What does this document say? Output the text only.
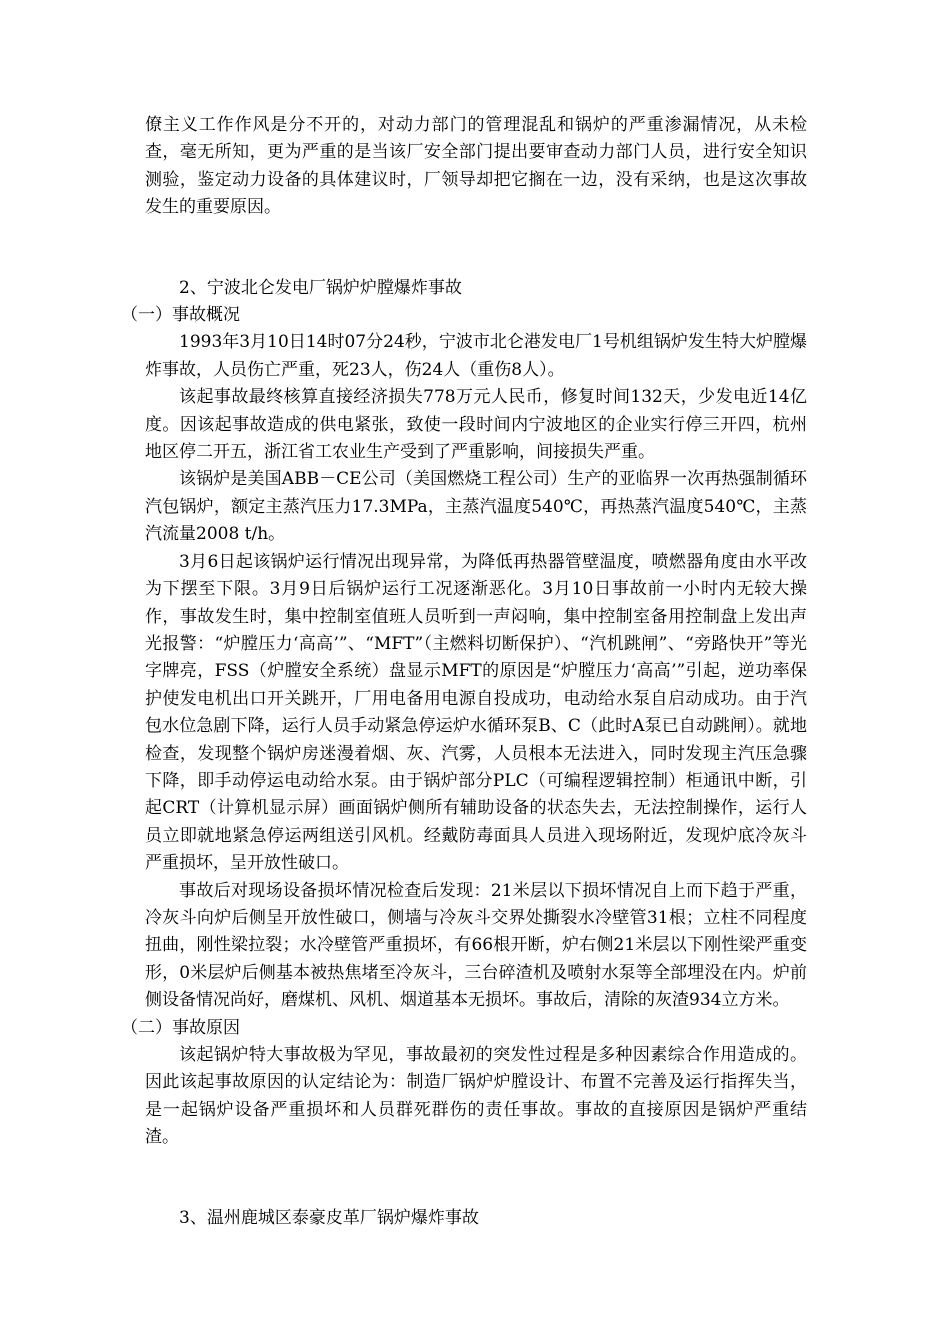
僚主义工作作风是分不开的，对动力部门的管理混乱和锅炉的严重渗漏情况，从未检查，毫无所知，更为严重的是当该厂安全部门提出要审查动力部门人员，进行安全知识测验，鉴定动力设备的具体建议时，厂领导却把它搁在一边，没有采纳，也是这次事故发生的重要原因。

2、宁波北仑发电厂锅炉炉膛爆炸事故

（一）事故概况

1993年3月10日14时07分24秒，宁波市北仑港发电厂1号机组锅炉发生特大炉膛爆炸事故，人员伤亡严重，死23人，伤24人（重伤8人）。

该起事故最终核算直接经济损失778万元人民币，修复时间132天，少发电近14亿度。因该起事故造成的供电紧张，致使一段时间内宁波地区的企业实行停三开四，杭州地区停二开五，浙江省工农业生产受到了严重影响，间接损失严重。

该锅炉是美国ABB－CE公司（美国燃烧工程公司）生产的亚临界一次再热强制循环汽包锅炉，额定主蒸汽压力17.3MPa，主蒸汽温度540℃，再热蒸汽温度540℃，主蒸汽流量2008 t/h。

3月6日起该锅炉运行情况出现异常，为降低再热器管壁温度，喷燃器角度由水平改为下摆至下限。3月9日后锅炉运行工况逐渐恶化。3月10日事故前一小时内无较大操作，事故发生时，集中控制室值班人员听到一声闷响，集中控制室备用控制盘上发出声光报警：“炉膛压力‘高高’”、“MFT”（主燃料切断保护）、“汽机跳闸”、“旁路快开”等光字牌亮，FSS（炉膛安全系统）盘显示MFT的原因是“炉膛压力‘高高’”引起，逆功率保护使发电机出口开关跳开，厂用电备用电源自投成功，电动给水泵自启动成功。由于汽包水位急剧下降，运行人员手动紧急停运炉水循环泵B、C（此时A泵已自动跳闸）。就地检查，发现整个锅炉房迷漫着烟、灰、汽雾，人员根本无法进入，同时发现主汽压急骤下降，即手动停运电动给水泵。由于锅炉部分PLC（可编程逻辑控制）柜通讯中断，引起CRT（计算机显示屏）画面锅炉侧所有辅助设备的状态失去，无法控制操作，运行人员立即就地紧急停运两组送引风机。经戴防毒面具人员进入现场附近，发现炉底冷灰斗严重损坏，呈开放性破口。

事故后对现场设备损坏情况检查后发现：21米层以下损坏情况自上而下趋于严重，冷灰斗向炉后侧呈开放性破口，侧墙与冷灰斗交界处撕裂水冷壁管31根；立柱不同程度扭曲，刚性梁拉裂；水冷壁管严重损坏，有66根开断，炉右侧21米层以下刚性梁严重变形，0米层炉后侧基本被热焦堵至冷灰斗，三台碎渣机及喷射水泵等全部埋没在内。炉前侧设备情况尚好，磨煤机、风机、烟道基本无损坏。事故后，清除的灰渣934立方米。

（二）事故原因

该起锅炉特大事故极为罕见，事故最初的突发性过程是多种因素综合作用造成的。因此该起事故原因的认定结论为：制造厂锅炉炉膛设计、布置不完善及运行指挥失当，是一起锅炉设备严重损坏和人员群死群伤的责任事故。事故的直接原因是锅炉严重结渣。

3、温州鹿城区泰豪皮革厂锅炉爆炸事故
